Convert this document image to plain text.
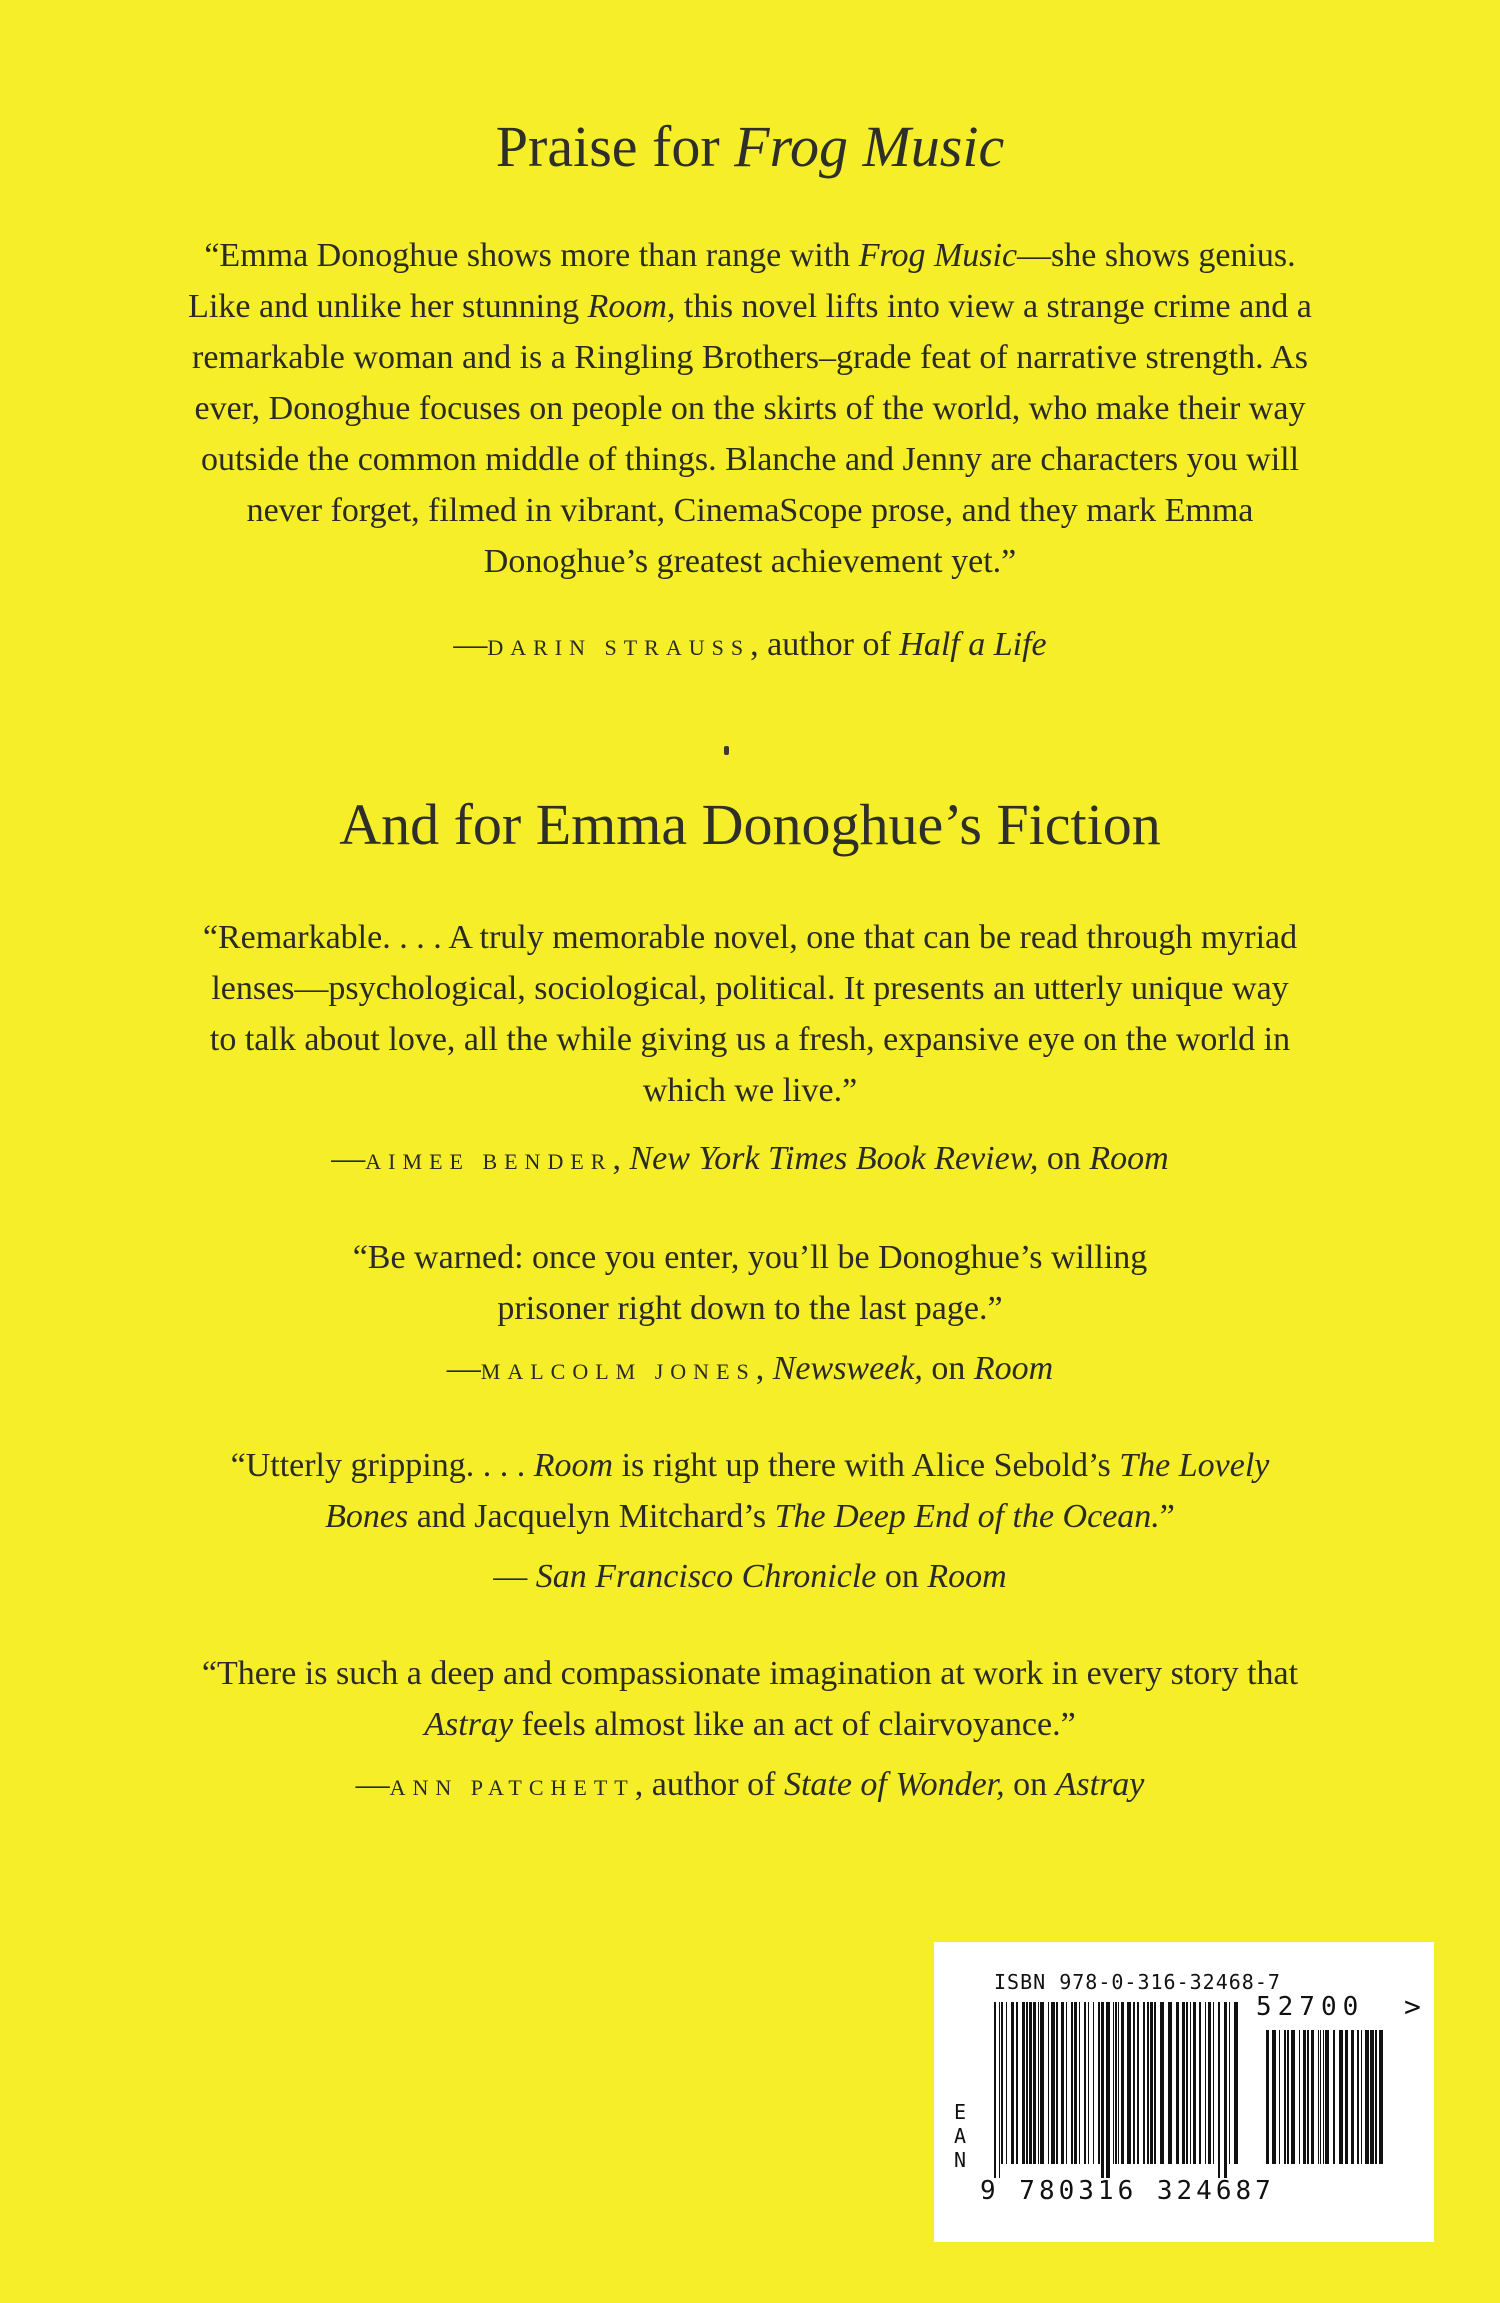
Praise for Frog Music

“Emma Donoghue shows more than range with Frog Music—she shows genius. Like and unlike her stunning Room, this novel lifts into view a strange crime and a remarkable woman and is a Ringling Brothers–grade feat of narrative strength. As ever, Donoghue focuses on people on the skirts of the world, who make their way outside the common middle of things. Blanche and Jenny are characters you will never forget, filmed in vibrant, CinemaScope prose, and they mark Emma Donoghue’s greatest achievement yet.”

—DARIN STRAUSS, author of Half a Life
And for Emma Donoghue’s Fiction

“Remarkable. . . . A truly memorable novel, one that can be read through myriad lenses—psychological, sociological, political. It presents an utterly unique way to talk about love, all the while giving us a fresh, expansive eye on the world in which we live.”

—AIMEE BENDER, New York Times Book Review, on Room

“Be warned: once you enter, you’ll be Donoghue’s willing prisoner right down to the last page.”

—MALCOLM JONES, Newsweek, on Room

“Utterly gripping. . . . Room is right up there with Alice Sebold’s The Lovely Bones and Jacquelyn Mitchard’s The Deep End of the Ocean.”

— San Francisco Chronicle on Room

“There is such a deep and compassionate imagination at work in every story that Astray feels almost like an act of clairvoyance.”

—ANN PATCHETT, author of State of Wonder, on Astray
ISBN 978-0-316-32468-7
EAN
9 780316 324687
52700 >
